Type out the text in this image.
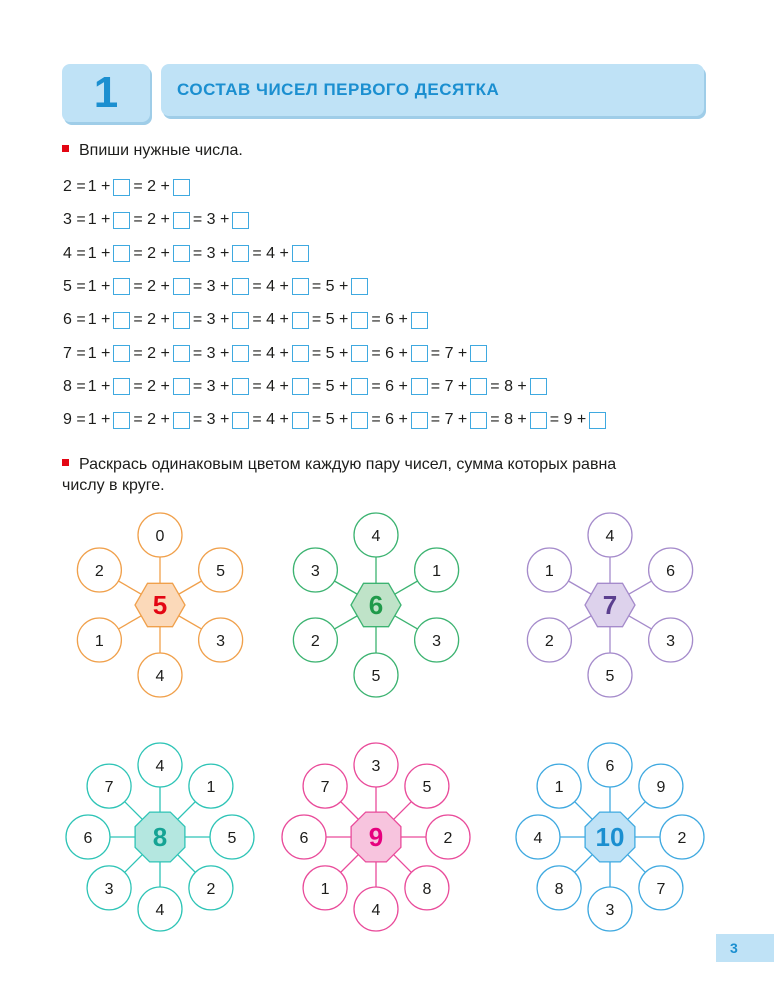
1	СОСТАВ ЧИСЕЛ ПЕРВОГО ДЕСЯТКА
Впиши нужные числа.
2 = 1 + = 2 +
3 = 1 + = 2 + = 3 +
4 = 1 + = 2 + = 3 + = 4 +
5 = 1 + = 2 + = 3 + = 4 + = 5 +
6 = 1 + = 2 + = 3 + = 4 + = 5 + = 6 +
7 = 1 + = 2 + = 3 + = 4 + = 5 + = 6 + = 7 +
8 = 1 + = 2 + = 3 + = 4 + = 5 + = 6 + = 7 + = 8 +
9 = 1 + = 2 + = 3 + = 4 + = 5 + = 6 + = 7 + = 8 + = 9 +
Раскрась одинаковым цветом каждую пару чисел, сумма которых равна
числу в круге.
5
0
5
3
4
1
2
6
4
1
3
5
2
3
7
4
6
3
5
2
1
8
4
1
5
2
4
3
6
7
9
3
5
2
8
4
1
6
7
10
6
9
2
7
3
8
4
1
3
